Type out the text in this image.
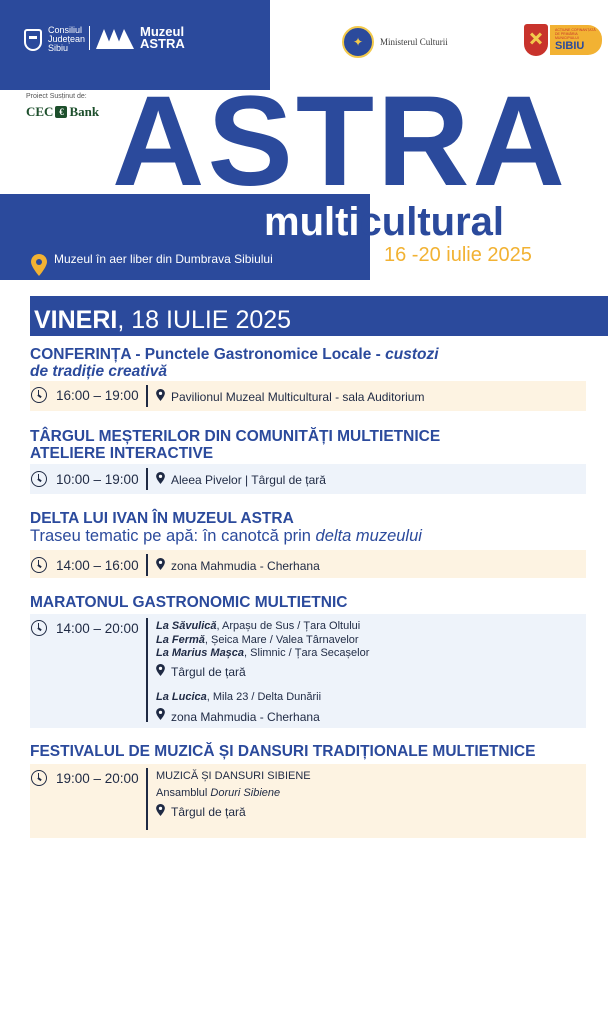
Consiliul
Județean
Sibiu
Muzeul
ASTRA	✦	Ministerul Culturii
ACȚIUNE COFINANȚATĂ DE PRIMĂRIA MUNICIPIULUI
SIBIU
Proiect Susținut de:
CEC € Bank ASTRA
multicultural
16 -20 iulie 2025
Muzeul în aer liber din Dumbrava Sibiului
VINERI, 18 IULIE 2025
CONFERINȚA - Punctele Gastronomice Locale - custozi
de tradiție creativă
16:00 – 19:00	Pavilionul Muzeal Multicultural - sala Auditorium
TÂRGUL MEȘTERILOR DIN COMUNITĂȚI MULTIETNICE
ATELIERE INTERACTIVE
10:00 – 19:00	Aleea Pivelor | Târgul de țară
DELTA LUI IVAN ÎN MUZEUL ASTRA
Traseu tematic pe apă: în canotcă prin delta muzeului
14:00 – 16:00	zona Mahmudia - Cherhana
MARATONUL GASTRONOMIC MULTIETNIC
14:00 – 20:00 La Săvulică, Arpașu de Sus / Țara Oltului
La Fermă, Șeica Mare / Valea Târnavelor
La Marius Mașca, Slimnic / Țara Secașelor
Târgul de țară
La Lucica, Mila 23 / Delta Dunării
zona Mahmudia - Cherhana
FESTIVALUL DE MUZICĂ ȘI DANSURI TRADIȚIONALE MULTIETNICE
19:00 – 20:00 MUZICĂ ȘI DANSURI SIBIENE
Ansamblul Doruri Sibiene
Târgul de țară
